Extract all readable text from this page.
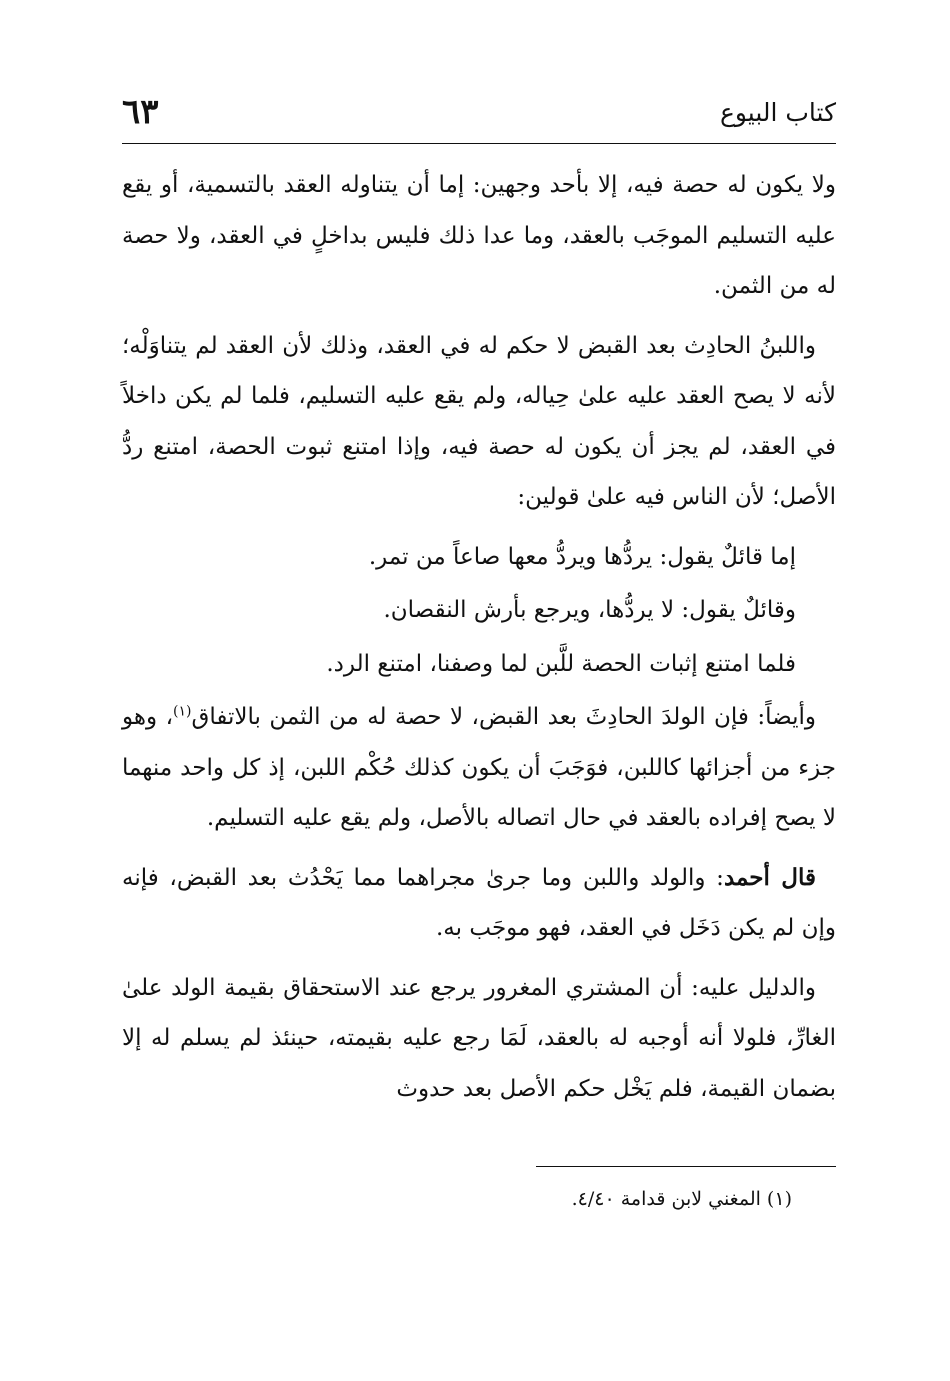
كتاب البيوع
٦٣

ولا يكون له حصة فيه، إلا بأحد وجهين: إما أن يتناوله العقد بالتسمية، أو يقع عليه التسليم الموجَب بالعقد، وما عدا ذلك فليس بداخلٍ في العقد، ولا حصة له من الثمن.

واللبنُ الحادِث بعد القبض لا حكم له في العقد، وذلك لأن العقد لم يتناوَلْه؛ لأنه لا يصح العقد عليه علىٰ حِياله، ولم يقع عليه التسليم، فلما لم يكن داخلاً في العقد، لم يجز أن يكون له حصة فيه، وإذا امتنع ثبوت الحصة، امتنع ردُّ الأصل؛ لأن الناس فيه علىٰ قولين:

إما قائلٌ يقول: يردُّها ويردُّ معها صاعاً من تمر.

وقائلٌ يقول: لا يردُّها، ويرجع بأرش النقصان.

فلما امتنع إثبات الحصة للَّبن لما وصفنا، امتنع الرد.

وأيضاً: فإن الولدَ الحادِثَ بعد القبض، لا حصة له من الثمن بالاتفاق$^{(١)}$، وهو جزء من أجزائها كاللبن، فوَجَبَ أن يكون كذلك حُكْم اللبن، إذ كل واحد منهما لا يصح إفراده بالعقد في حال اتصاله بالأصل، ولم يقع عليه التسليم.

قال أحمد: والولد واللبن وما جرىٰ مجراهما مما يَحْدُث بعد القبض، فإنه وإن لم يكن دَخَل في العقد، فهو موجَب به.

والدليل عليه: أن المشتري المغرور يرجع عند الاستحقاق بقيمة الولد علىٰ الغارِّ، فلولا أنه أوجبه له بالعقد، لَمَا رجع عليه بقيمته، حينئذ لم يسلم له إلا بضمان القيمة، فلم يَخْل حكم الأصل بعد حدوث

(١) المغني لابن قدامة ٤/٤٠.
